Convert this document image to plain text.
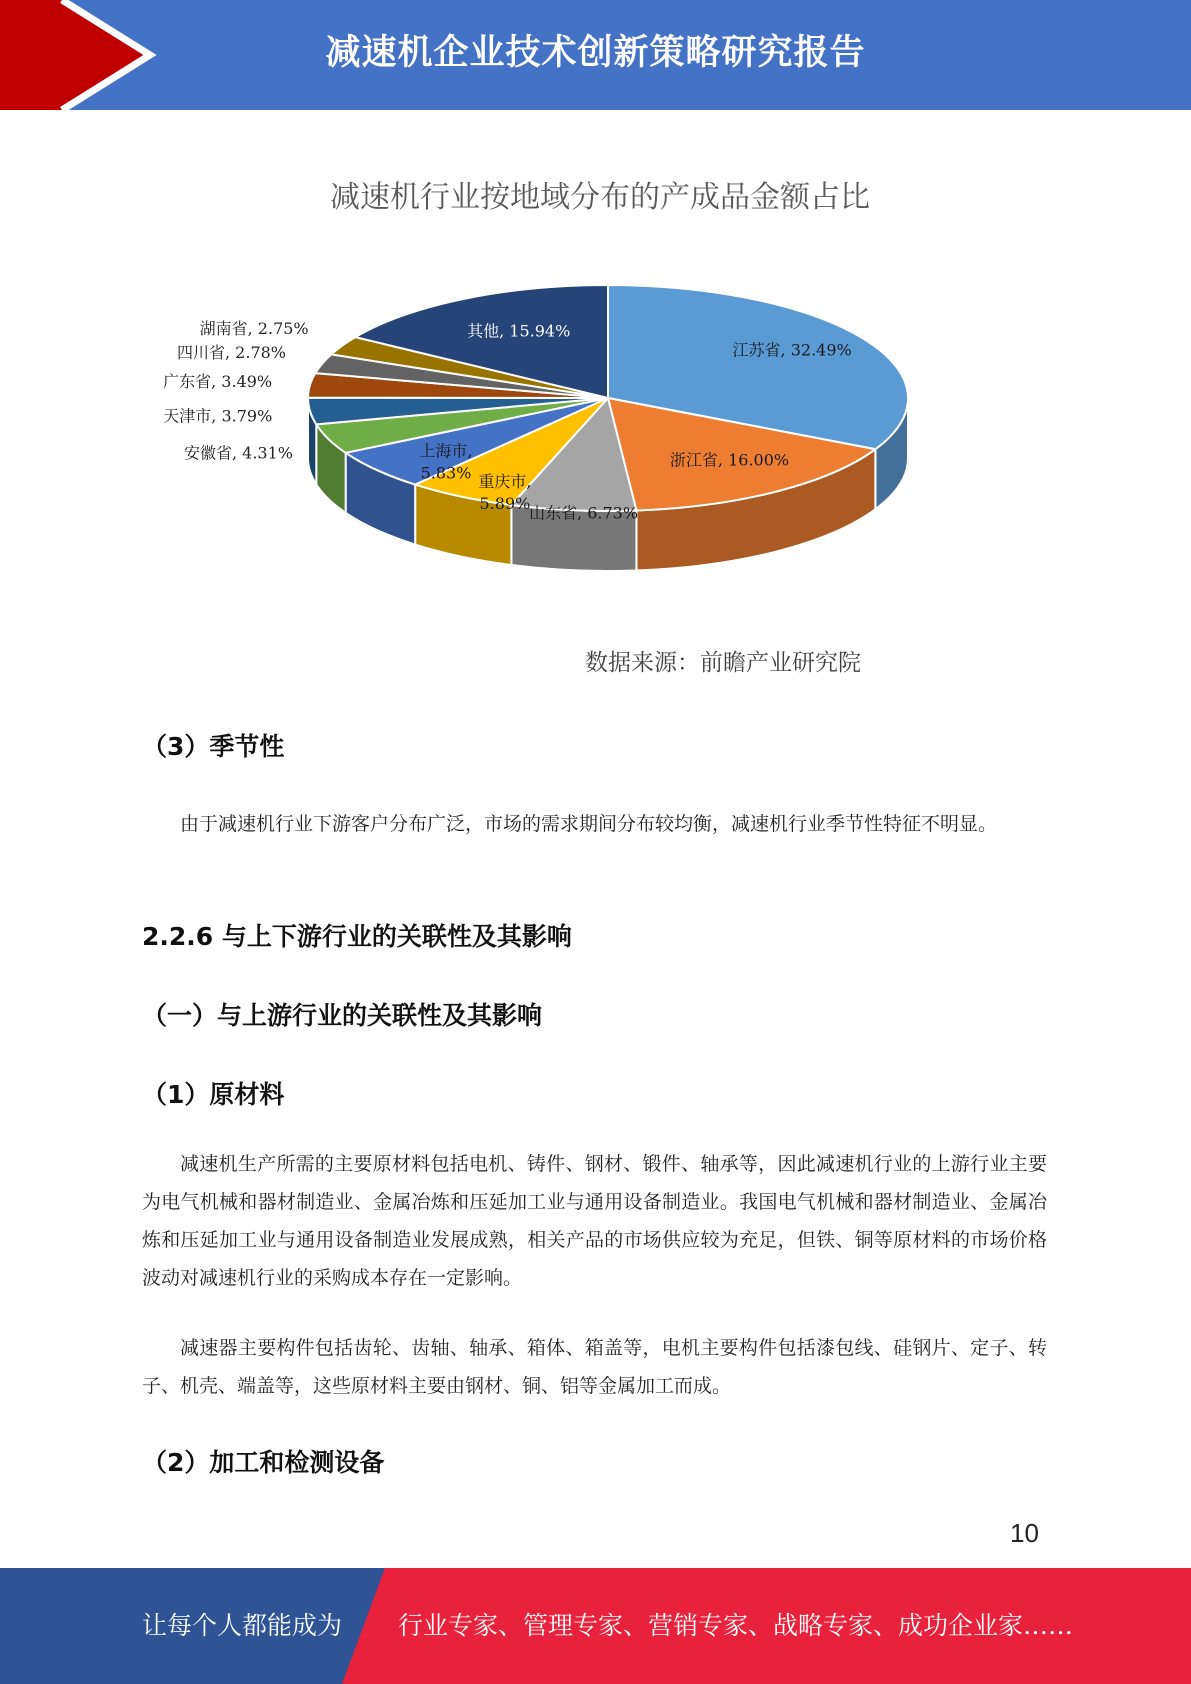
减速机企业技术创新策略研究报告
减速机行业按地域分布的产成品金额占比
江苏省, 32.49%
浙江省, 16.00%
山东省, 6.73%
重庆市,
5.89%
上海市,
5.83%
安徽省, 4.31%
天津市, 3.79%
广东省, 3.49%
四川省, 2.78%
湖南省, 2.75%	其他, 15.94%
数据来源：前瞻产业研究院
（3）季节性
由于减速机行业下游客户分布广泛，市场的需求期间分布较均衡，减速机行业季节性特征不明显。
2.2.6 与上下游行业的关联性及其影响
（一）与上游行业的关联性及其影响
（1）原材料
减速机生产所需的主要原材料包括电机、铸件、钢材、锻件、轴承等，因此减速机行业的上游行业主要为电气机械和器材制造业、金属冶炼和压延加工业与通用设备制造业。我国电气机械和器材制造业、金属冶炼和压延加工业与通用设备制造业发展成熟，相关产品的市场供应较为充足，但铁、铜等原材料的市场价格波动对减速机行业的采购成本存在一定影响。
减速器主要构件包括齿轮、齿轴、轴承、箱体、箱盖等，电机主要构件包括漆包线、硅钢片、定子、转子、机壳、端盖等，这些原材料主要由钢材、铜、铝等金属加工而成。
（2）加工和检测设备
10
让每个人都能成为 行业专家、管理专家、营销专家、战略专家、成功企业家……
